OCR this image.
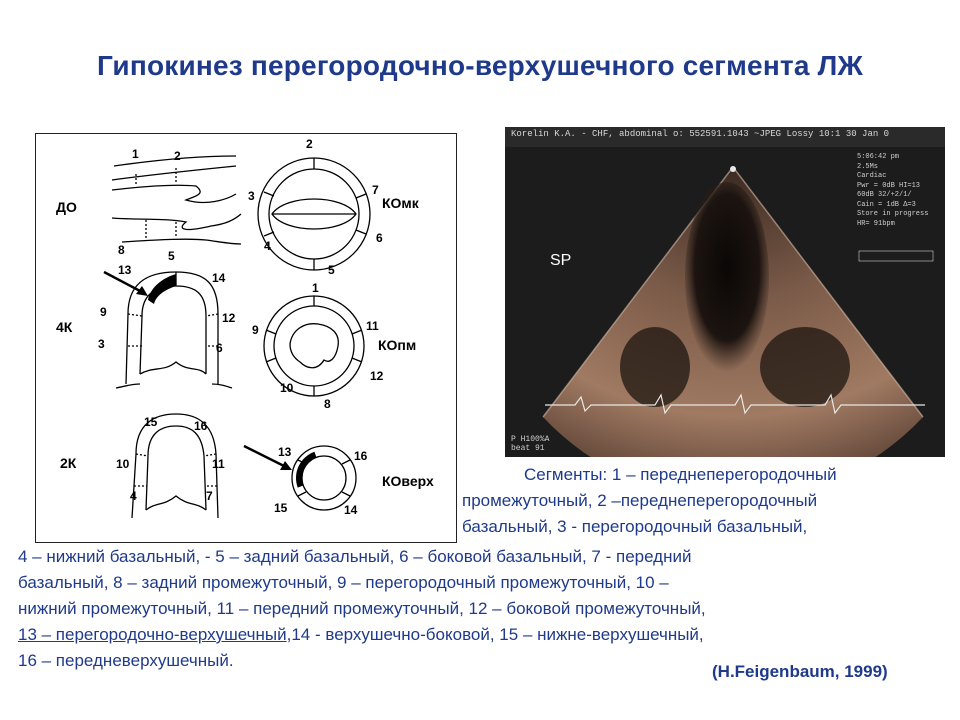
Гипокинез перегородочно-верхушечного сегмента ЛЖ
ДО
4К
2К
КОмк
КОпм
КОверх
1	2
8	5
2
3	7
4
6
5
13
14
9	12
3	6
1
9	11
12
10
8
15	16
10	11
4	7
13	16
15	14
Korelin K.A. - CHF, abdominal o: 552591.1043 ~JPEG Lossy 10:1 30 Jan 0
SP
5:06:42 pm
2.5Ms
Cardiac
Pwr = 0dB HI=13
60dB 32/+2/1/
Cain = 1dB Δ=3
Store in progress
HR= 91bpm
P H100%A
beat 91
Сегменты: 1 – переднеперегородочный
промежуточный, 2 –переднеперегородочный
базальный, 3 - перегородочный базальный,
4 – нижний базальный, - 5 – задний базальный, 6 – боковой базальный, 7 - передний
базальный, 8 – задний промежуточный, 9 – перегородочный промежуточный, 10 –
нижний промежуточный, 11 – передний промежуточный, 12 – боковой промежуточный,
13 – перегородочно-верхушечный,14 - верхушечно-боковой, 15 – нижне-верхушечный,
16 – передневерхушечный.
(H.Feigenbaum, 1999)
